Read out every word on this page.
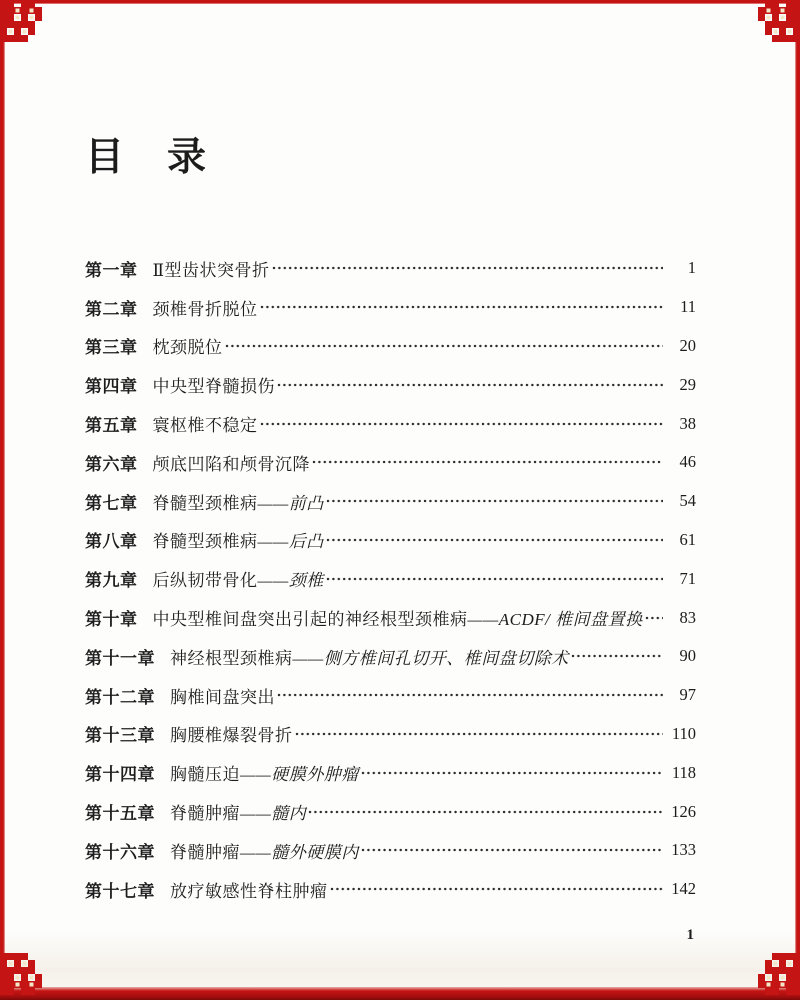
目　录
第一章 Ⅱ型齿状突骨折	1
第二章 颈椎骨折脱位	11
第三章 枕颈脱位	20
第四章 中央型脊髓损伤	29
第五章 寰枢椎不稳定	38
第六章 颅底凹陷和颅骨沉降	46
第七章 脊髓型颈椎病 ——前凸	54
第八章 脊髓型颈椎病 ——后凸	61
第九章 后纵韧带骨化 ——颈椎	71
第十章 中央型椎间盘突出引起的神经根型颈椎病 ——ACDF/ 椎间盘置换	83
第十一章 神经根型颈椎病 ——侧方椎间孔切开、椎间盘切除术	90
第十二章 胸椎间盘突出	97
第十三章 胸腰椎爆裂骨折	110
第十四章 胸髓压迫 ——硬膜外肿瘤	118
第十五章 脊髓肿瘤 ——髓内	126
第十六章 脊髓肿瘤 ——髓外硬膜内	133
第十七章 放疗敏感性脊柱肿瘤	142
1
